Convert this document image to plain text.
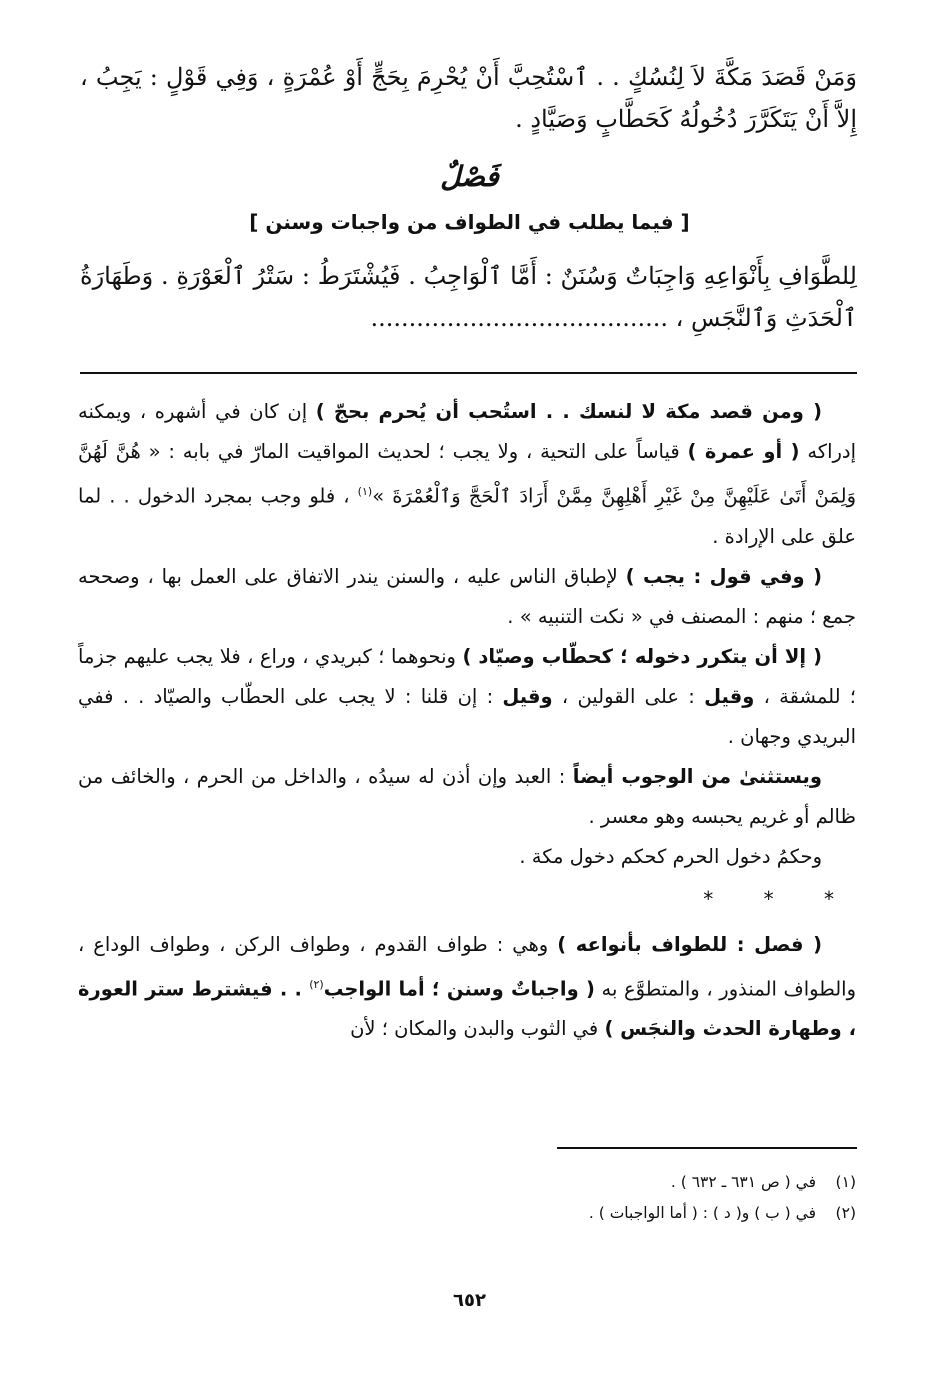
وَمَنْ قَصَدَ مَكَّةَ لاَ لِنُسُكٍ . . ٱسْتُحِبَّ أَنْ يُحْرِمَ بِحَجٍّ أَوْ عُمْرَةٍ ، وَفِي قَوْلٍ : يَجِبُ ، إِلاَّ أَنْ يَتَكَرَّرَ دُخُولُهُ كَحَطَّابٍ وَصَيَّادٍ .
فَصْلٌ
[ فيما يطلب في الطواف من واجبات وسنن ]
لِلطَّوَافِ بِأَنْوَاعِهِ وَاجِبَاتٌ وَسُنَنٌ : أَمَّا ٱلْوَاجِبُ . فَيُشْتَرَطُ : سَتْرُ ٱلْعَوْرَةِ . وَطَهَارَةُ ٱلْحَدَثِ وَٱلنَّجَسِ ، .......................................

( ومن قصد مكة لا لنسك . . استُحب أن يُحرم بحجّ ) إن كان في أشهره ، ويمكنه إدراكه ( أو عمرة ) قياساً على التحية ، ولا يجب ؛ لحديث المواقيت المارّ في بابه : « هُنَّ لَهُنَّ وَلِمَنْ أَتَىٰ عَلَيْهِنَّ مِنْ غَيْرِ أَهْلِهِنَّ مِمَّنْ أَرَادَ ٱلْحَجَّ وَٱلْعُمْرَةَ »$^{(١)}$ ، فلو وجب بمجرد الدخول . . لما علق على الإرادة .

( وفي قول : يجب ) لإطباق الناس عليه ، والسنن يندر الاتفاق على العمل بها ، وصححه جمع ؛ منهم : المصنف في « نكت التنبيه » .

( إلا أن يتكرر دخوله ؛ كحطّاب وصيّاد ) ونحوهما ؛ كبريدي ، وراع ، فلا يجب عليهم جزماً ؛ للمشقة ، وقيل : على القولين ، وقيل : إن قلنا : لا يجب على الحطّاب والصيّاد . . ففي البريدي وجهان .

ويستثنىٰ من الوجوب أيضاً : العبد وإن أذن له سيدُه ، والداخل من الحرم ، والخائف من ظالم أو غريم يحبسه وهو معسر .

وحكمُ دخول الحرم كحكم دخول مكة .

* * *

( فصل : للطواف بأنواعه ) وهي : طواف القدوم ، وطواف الركن ، وطواف الوداع ، والطواف المنذور ، والمتطوَّع به ( واجباتٌ وسنن ؛ أما الواجب$^{(٢)}$ . . فيشترط ستر العورة ، وطهارة الحدث والنجَس ) في الثوب والبدن والمكان ؛ لأن

(١)
في ( ص ٦٣١ ـ ٦٣٢ ) .
(٢)
في ( ب ) و( د ) : ( أما الواجبات ) .
٦٥٢
